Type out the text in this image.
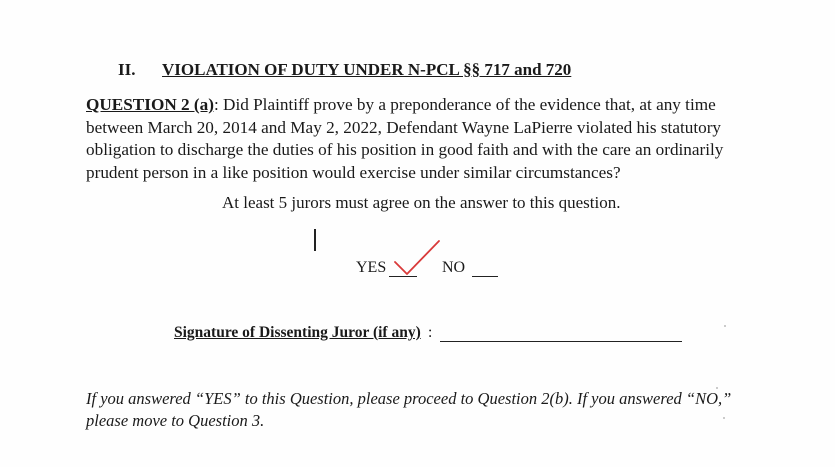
II. VIOLATION OF DUTY UNDER N-PCL §§ 717 and 720
QUESTION 2 (a): Did Plaintiff prove by a preponderance of the evidence that, at any time between March 20, 2014 and May 2, 2022, Defendant Wayne LaPierre violated his statutory obligation to discharge the duties of his position in good faith and with the care an ordinarily prudent person in a like position would exercise under similar circumstances?
At least 5 jurors must agree on the answer to this question.
YES	NO
Signature of Dissenting Juror (if any) :
If you answered “YES” to this Question, please proceed to Question 2(b). If you answered “NO,” please move to Question 3.
